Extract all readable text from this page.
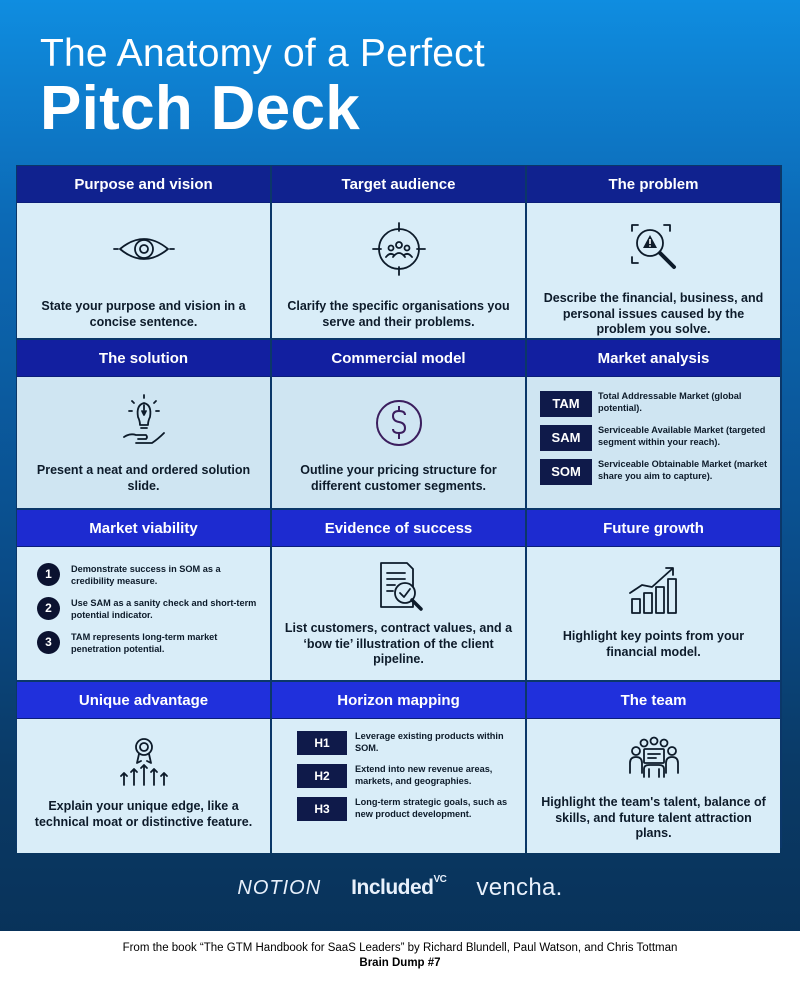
The Anatomy of a Perfect
Pitch Deck
Purpose and vision
State your purpose and vision in a concise sentence.
Target audience
Clarify the specific organisations you serve and their problems.
The problem
Describe the financial, business, and personal issues caused by the problem you solve.
The solution
Present a neat and ordered solution slide.
Commercial model
Outline your pricing structure for different customer segments.
Market analysis
TAM	Total Addressable Market (global potential).
SAM	Serviceable Available Market (targeted segment within your reach).
SOM	Serviceable Obtainable Market (market share you aim to capture).
Market viability
1	Demonstrate success in SOM as a credibility measure.
2	Use SAM as a sanity check and short-term potential indicator.
3	TAM represents long-term market penetration potential.
Evidence of success
List customers, contract values, and a ‘bow tie’ illustration of the client pipeline.
Future growth
Highlight key points from your financial model.
Unique advantage
Explain your unique edge, like a technical moat or distinctive feature.
Horizon mapping
H1	Leverage existing products within SOM.
H2	Extend into new revenue areas, markets, and geographies.
H3	Long-term strategic goals, such as new product development.
The team
Highlight the team's talent, balance of skills, and future talent attraction plans.
NOTION Included$^{VC}$ vencha.
From the book “The GTM Handbook for SaaS Leaders” by Richard Blundell, Paul Watson, and Chris Tottman
Brain Dump #7
